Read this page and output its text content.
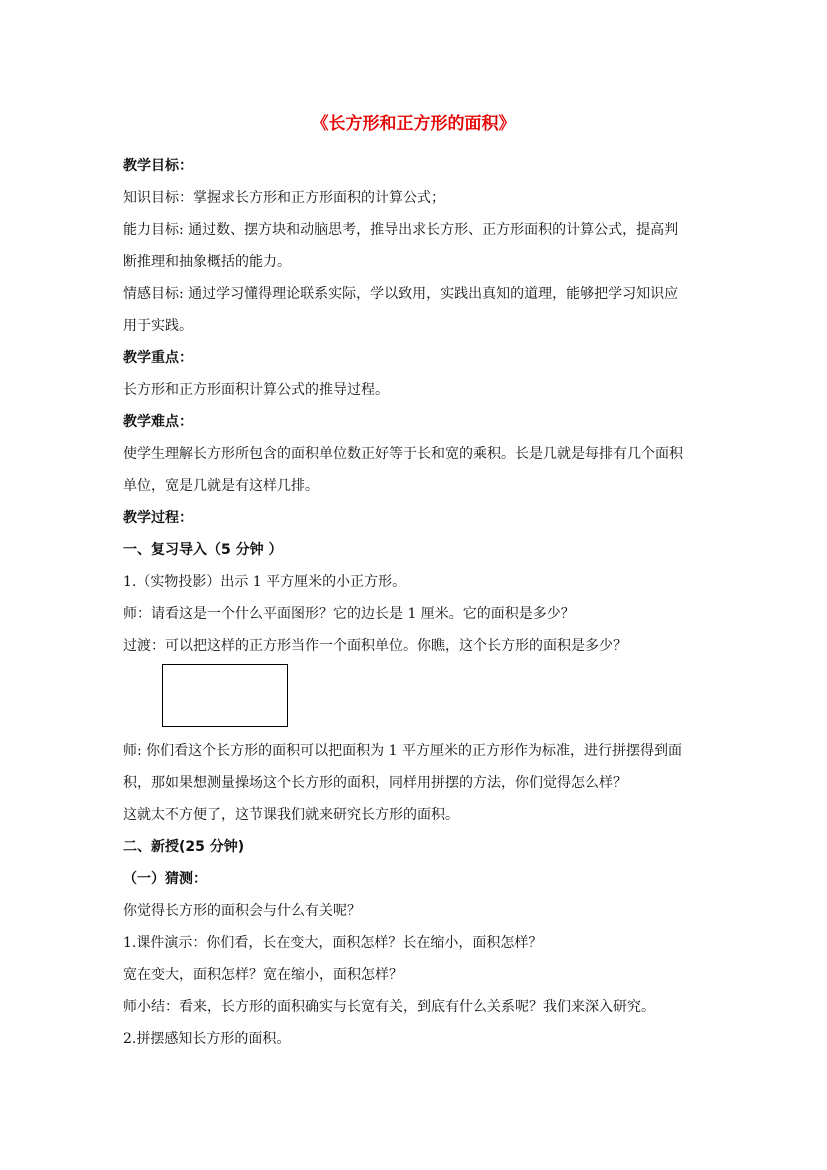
《长方形和正方形的面积》

教学目标：

知识目标：掌握求长方形和正方形面积的计算公式；

能力目标: 通过数、摆方块和动脑思考，推导出求长方形、正方形面积的计算公式，提高判

断推理和抽象概括的能力。

情感目标: 通过学习懂得理论联系实际，学以致用，实践出真知的道理，能够把学习知识应

用于实践。

教学重点：

长方形和正方形面积计算公式的推导过程。

教学难点：

使学生理解长方形所包含的面积单位数正好等于长和宽的乘积。长是几就是每排有几个面积

单位，宽是几就是有这样几排。

教学过程：

一、复习导入（5 分钟 ）

1.（实物投影）出示 1 平方厘米的小正方形。

师：请看这是一个什么平面图形？它的边长是 1 厘米。它的面积是多少？

过渡：可以把这样的正方形当作一个面积单位。你瞧，这个长方形的面积是多少？

师: 你们看这个长方形的面积可以把面积为 1 平方厘米的正方形作为标准，进行拼摆得到面

积，那如果想测量操场这个长方形的面积，同样用拼摆的方法，你们觉得怎么样？

这就太不方便了，这节课我们就来研究长方形的面积。

二、新授(25 分钟)

（一）猜测：

你觉得长方形的面积会与什么有关呢？

1.课件演示：你们看，长在变大，面积怎样？长在缩小，面积怎样？

宽在变大，面积怎样？宽在缩小，面积怎样？

师小结：看来，长方形的面积确实与长宽有关，到底有什么关系呢？我们来深入研究。

2.拼摆感知长方形的面积。
